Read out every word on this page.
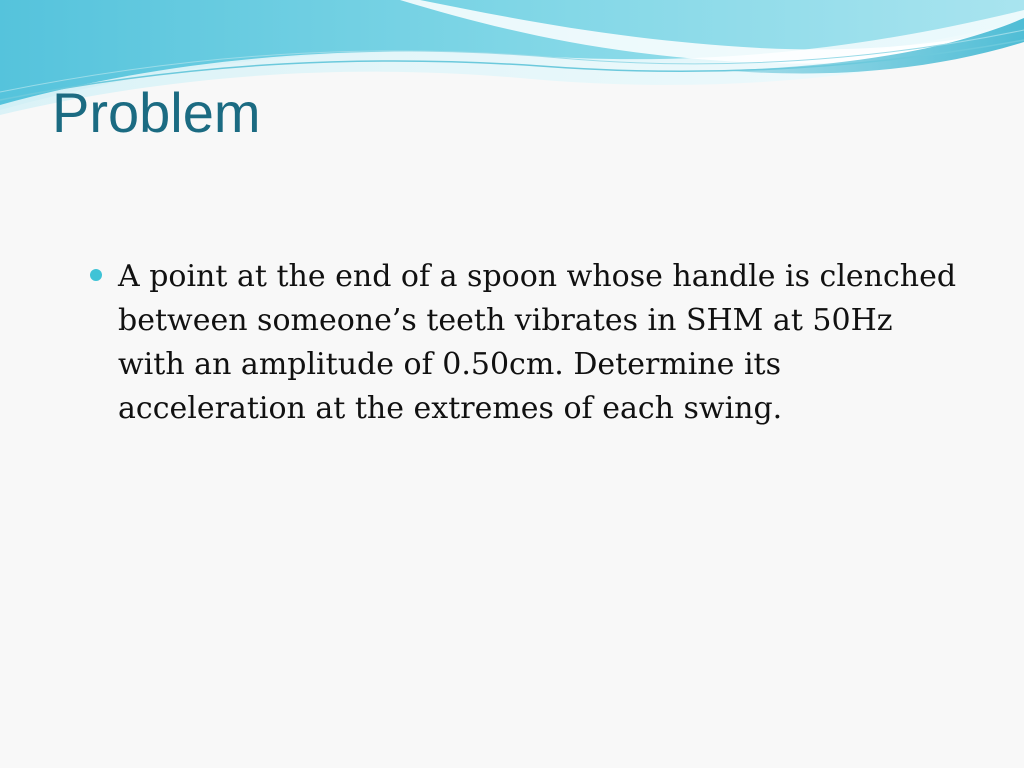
Problem
A point at the end of a spoon whose handle is clenched between someone’s teeth vibrates in SHM at 50Hz with an amplitude of 0.50cm. Determine its acceleration at the extremes of each swing.
